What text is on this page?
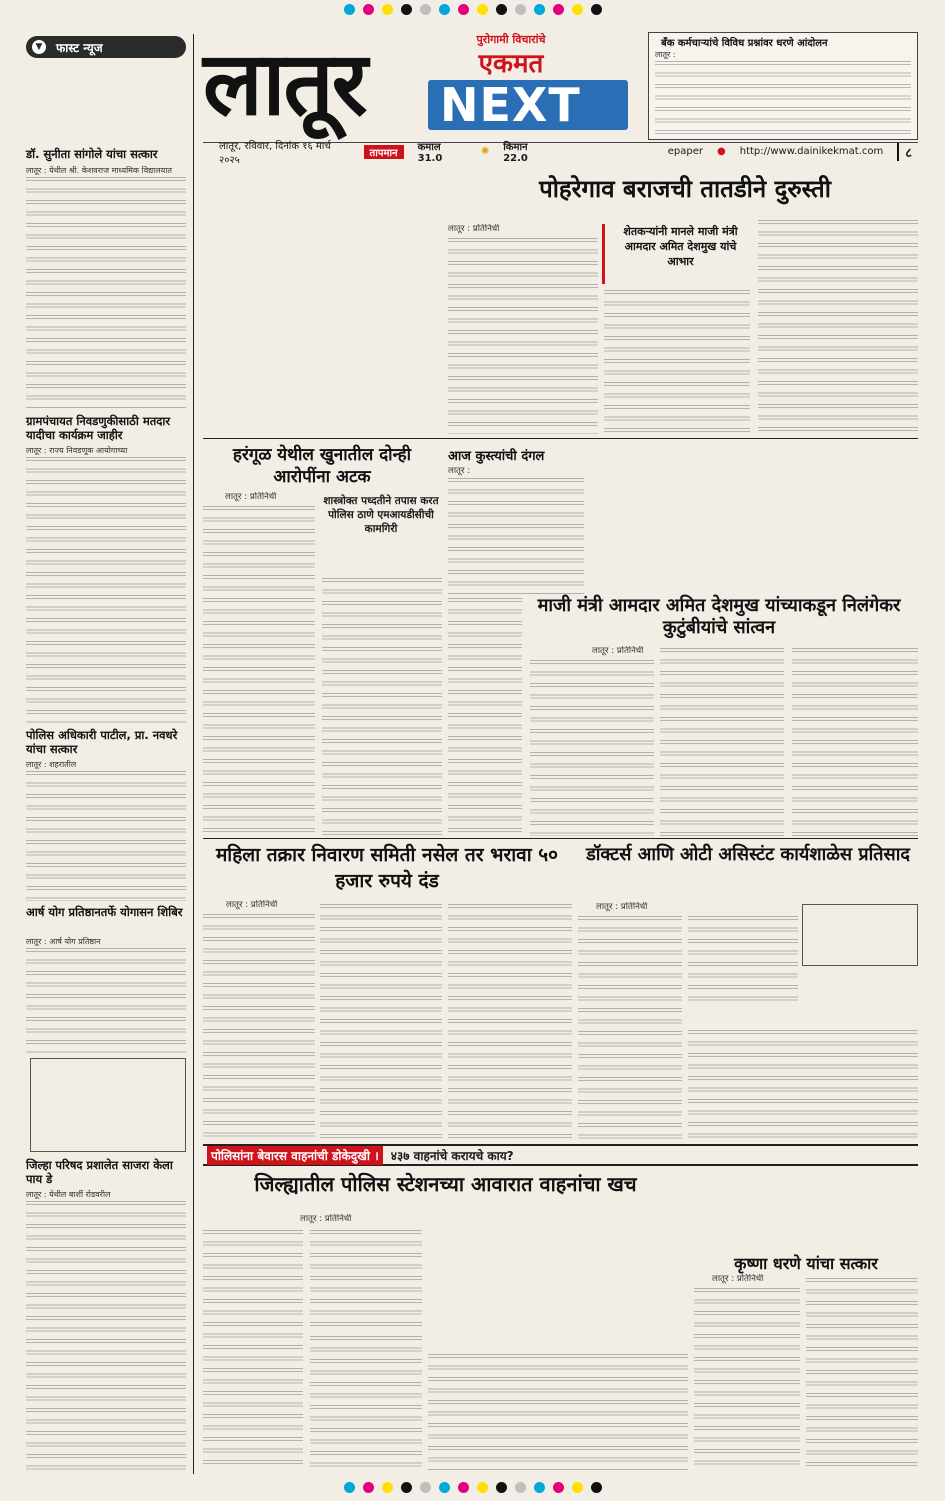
▼ फास्ट न्यूज
डॉ. सुनीता सांगोले यांचा सत्कार
लातूर : येथील श्री. केशवराज माध्यमिक विद्यालयात
ग्रामपंचायत निवडणुकीसाठी मतदार यादीचा कार्यक्रम जाहीर
लातूर : राज्य निवडणूक आयोगाच्या
पोलिस अधिकारी पाटील, प्रा. नवधरे यांचा सत्कार
लातूर : शहरातील
आर्ष योग प्रतिष्ठानतर्फे योगासन शिबिर
लातूर : आर्ष योग प्रतिष्ठान
जिल्हा परिषद प्रशालेत साजरा केला पाय डे
लातूर : येथील बार्शी रोडवरील
लातूर	पुरोगामी विचारांचे
एकमत
NEXT
बँक कर्मचाऱ्यांचे विविध प्रश्नांवर धरणे आंदोलन
लातूर :
लातूर, रविवार, दिनांक १६ मार्च २०२५
तापमान	कमाल 31.0
✺ किमान 22.0
epaper ● http://www.dainikekmat.com	८
पोहरेगाव बराजची तातडीने दुरुस्ती
लातूर : प्रतिनिधी	शेतकऱ्यांनी मानले माजी मंत्री आमदार अमित देशमुख यांचे आभार
हरंगूळ येथील खुनातील दोन्ही आरोपींना अटक
लातूर : प्रतिनिधी	शास्त्रोक्त पध्दतीने तपास करत पोलिस ठाणे एमआयडीसीची कामगिरी
आज कुस्त्यांची दंगल
लातूर :
माजी मंत्री आमदार अमित देशमुख यांच्याकडून निलंगेकर कुटुंबीयांचे सांत्वन
लातूर : प्रतिनिधी
महिला तक्रार निवारण समिती नसेल तर भरावा ५० हजार रुपये दंड
लातूर : प्रतिनिधी
डॉक्टर्स आणि ओटी असिस्टंट कार्यशाळेस प्रतिसाद
लातूर : प्रतिनिधी
पोलिसांना बेवारस वाहनांची डोकेदुखी ।	४३७ वाहनांचे करायचे काय?
जिल्ह्यातील पोलिस स्टेशनच्या आवारात वाहनांचा खच
लातूर : प्रतिनिधी
कृष्णा धरणे यांचा सत्कार
लातूर : प्रतिनिधी
